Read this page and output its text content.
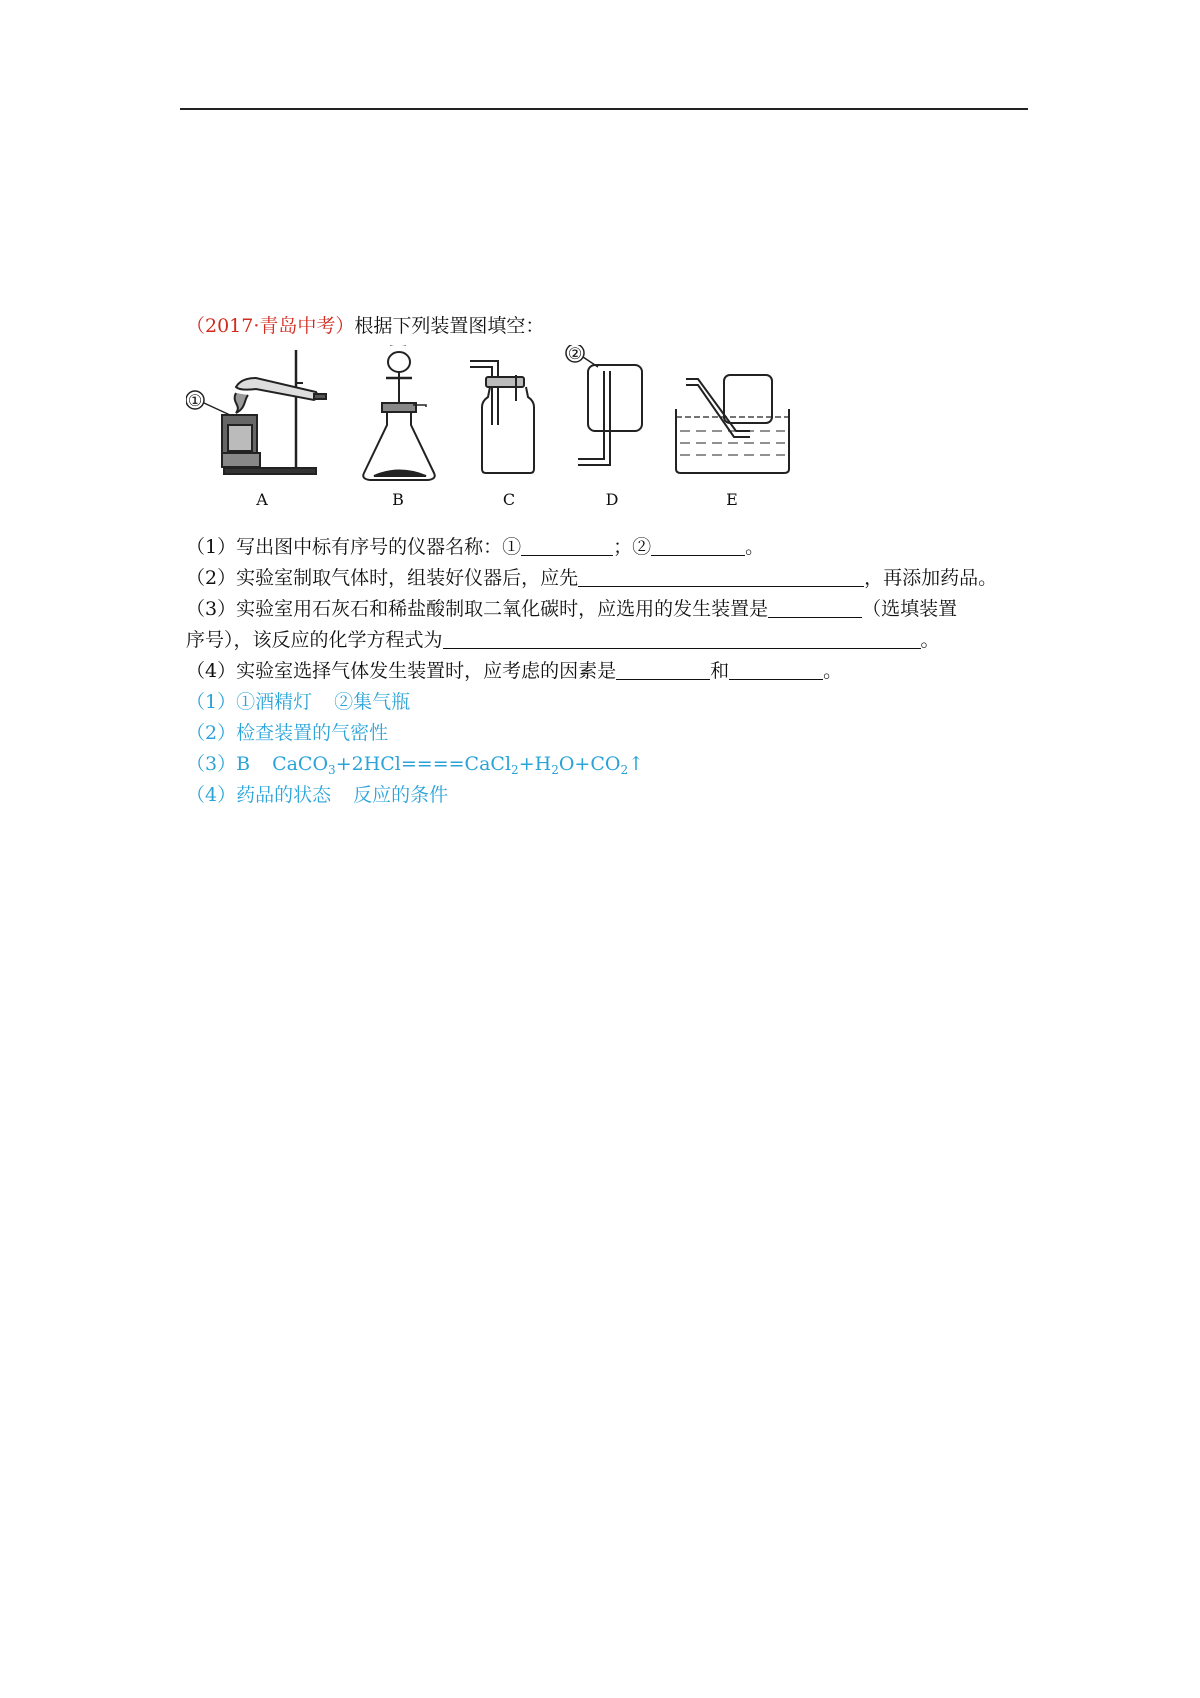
（2017·青岛中考）根据下列装置图填空：
A	B	C	D	E
①
②
（1）写出图中标有序号的仪器名称：①	；②	。
（2）实验室制取气体时，组装好仪器后，应先	，再添加药品。
（3）实验室用石灰石和稀盐酸制取二氧化碳时，应选用的发生装置是	（选填装置
序号），该反应的化学方程式为	。
（4）实验室选择气体发生装置时，应考虑的因素是	和	。
（1）①酒精灯 ②集气瓶
（2）检查装置的气密性
（3）B $CaCO_3+2HCl====CaCl_2+H_2O+CO_2↑$
（4）药品的状态 反应的条件
